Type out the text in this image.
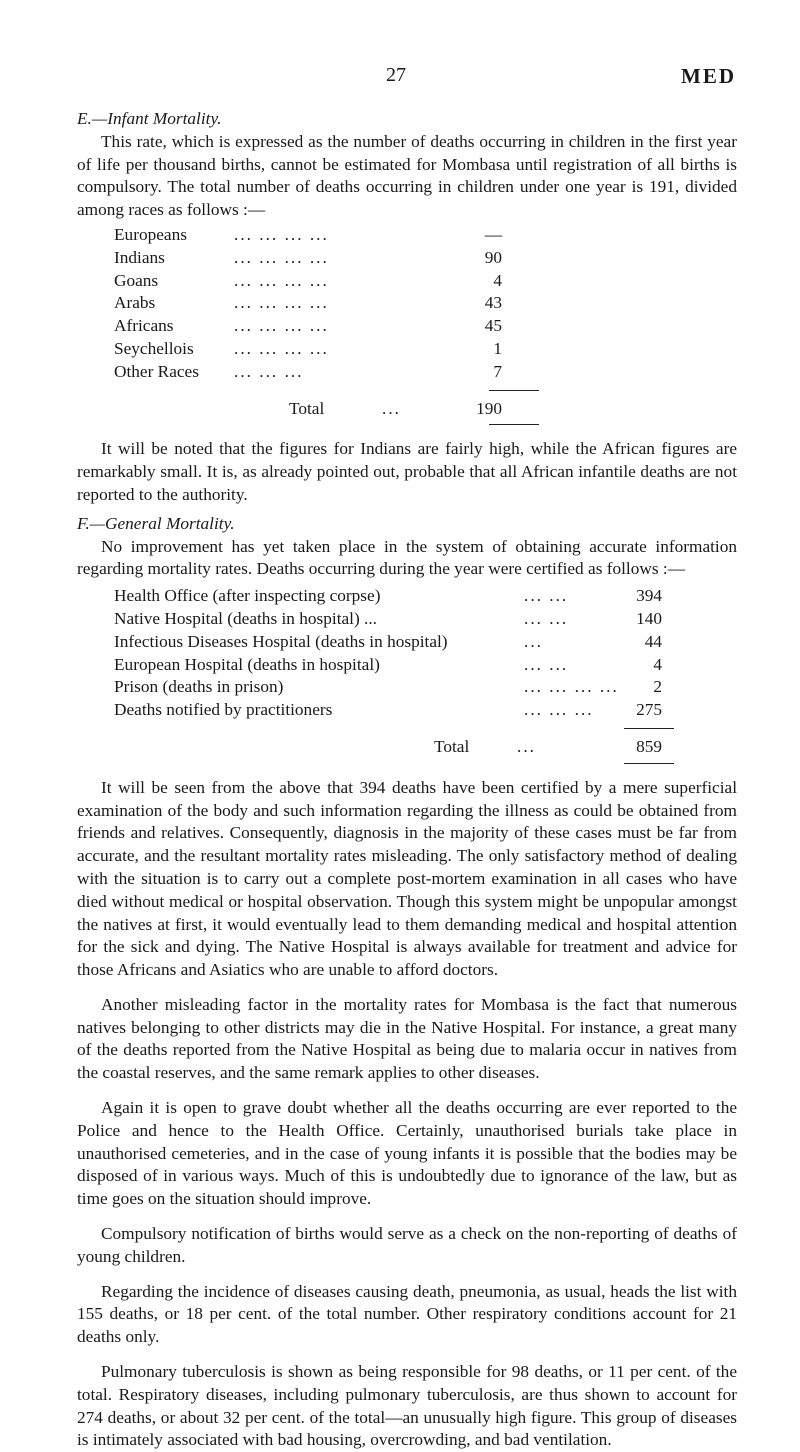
27	MED

E.—Infant Mortality.

This rate, which is expressed as the number of deaths occurring in children in the first year of life per thousand births, cannot be estimated for Mombasa until registration of all births is compulsory. The total number of deaths occurring in children under one year is 191, divided among races as follows :—

Europeans	... ... ... ...	—
Indians	... ... ... ...	90
Goans	... ... ... ...	4
Arabs	... ... ... ...	43
Africans	... ... ... ...	45
Seychellois ... ... ... ...	1
Other Races ... ... ...	7
Total	...	190

It will be noted that the figures for Indians are fairly high, while the African figures are remarkably small. It is, as already pointed out, probable that all African infantile deaths are not reported to the authority.

F.—General Mortality.

No improvement has yet taken place in the system of obtaining accurate information regarding mortality rates. Deaths occurring during the year were certified as follows :—

Health Office (after inspecting corpse)	... ...	394
Native Hospital (deaths in hospital) ...	... ...	140
Infectious Diseases Hospital (deaths in hospital)	...	44
European Hospital (deaths in hospital)	... ...	4
Prison (deaths in prison)	... ... ... ... 2
Deaths notified by practitioners	... ... ... 275
Total	...	859

It will be seen from the above that 394 deaths have been certified by a mere superficial examination of the body and such information regarding the illness as could be obtained from friends and relatives. Consequently, diagnosis in the majority of these cases must be far from accurate, and the resultant mortality rates misleading. The only satisfactory method of dealing with the situation is to carry out a complete post-mortem examination in all cases who have died without medical or hospital observation. Though this system might be unpopular amongst the natives at first, it would eventually lead to them demanding medical and hospital attention for the sick and dying. The Native Hospital is always available for treatment and advice for those Africans and Asiatics who are unable to afford doctors.

Another misleading factor in the mortality rates for Mombasa is the fact that numerous natives belonging to other districts may die in the Native Hospital. For instance, a great many of the deaths reported from the Native Hospital as being due to malaria occur in natives from the coastal reserves, and the same remark applies to other diseases.

Again it is open to grave doubt whether all the deaths occurring are ever reported to the Police and hence to the Health Office. Certainly, unauthorised burials take place in unauthorised cemeteries, and in the case of young infants it is possible that the bodies may be disposed of in various ways. Much of this is undoubtedly due to ignorance of the law, but as time goes on the situation should improve.

Compulsory notification of births would serve as a check on the non-reporting of deaths of young children.

Regarding the incidence of diseases causing death, pneumonia, as usual, heads the list with 155 deaths, or 18 per cent. of the total number. Other respiratory conditions account for 21 deaths only.

Pulmonary tuberculosis is shown as being responsible for 98 deaths, or 11 per cent. of the total. Respiratory diseases, including pulmonary tuberculosis, are thus shown to account for 274 deaths, or about 32 per cent. of the total—an unusually high figure. This group of diseases is intimately associated with bad housing, overcrowding, and bad ventilation.
